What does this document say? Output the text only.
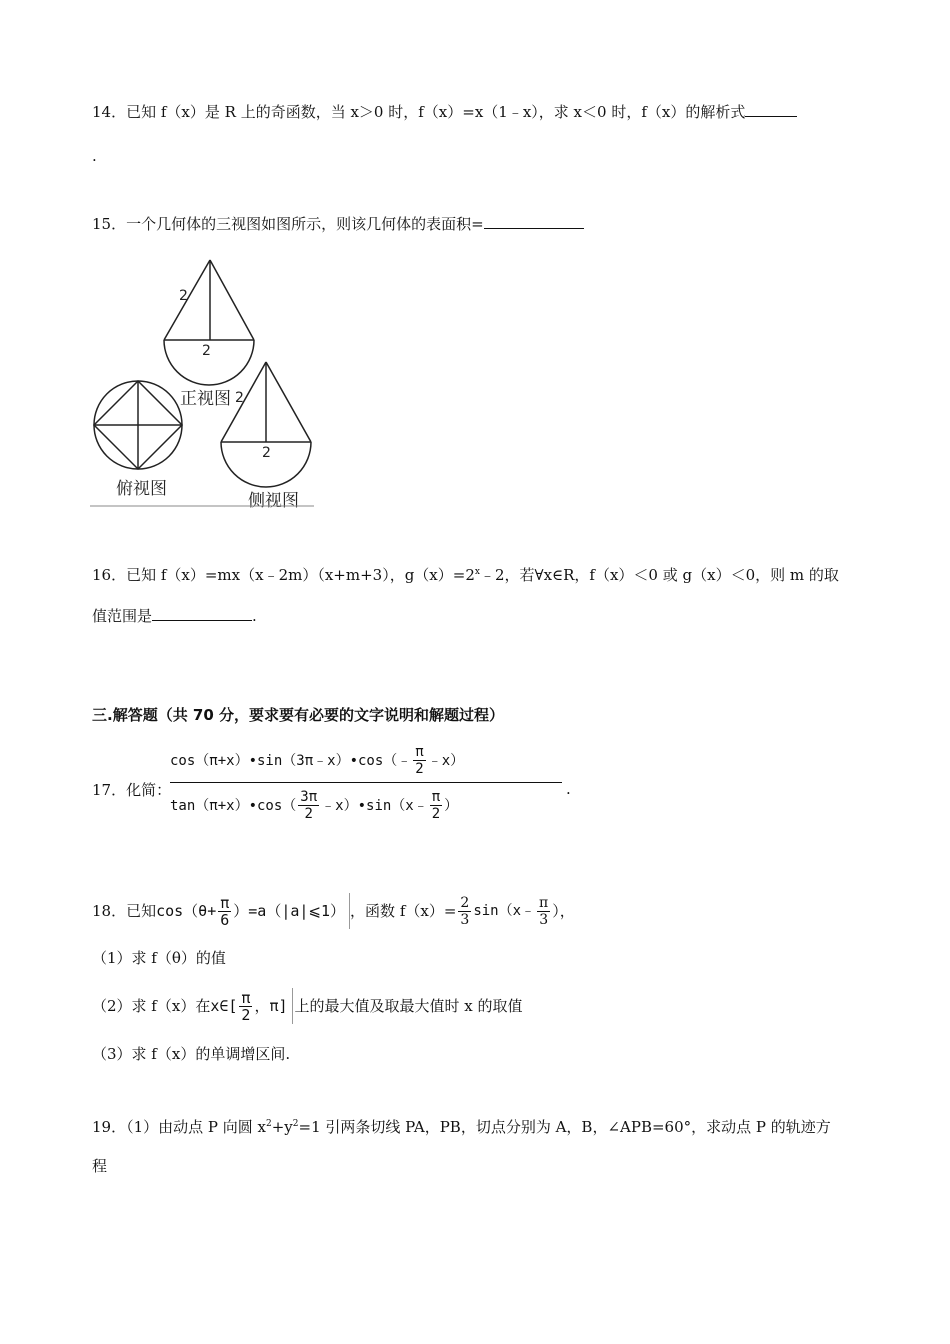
14．已知 f（x）是 R 上的奇函数，当 x＞0 时，f（x）=x（1﹣x），求 x＜0 时，f（x）的解析式
.
15．一个几何体的三视图如图所示，则该几何体的表面积=
2
2
正视图 2
2
侧视图
俯视图
16．已知 f（x）=mx（x﹣2m）（x+m+3），$g(x)=2^x﹣2$，若∀x∈R，f（x）＜0 或 g（x）＜0，则 m 的取
值范围是	.
三.解答题（共 70 分，要求要有必要的文字说明和解题过程）
17．化简：
cos（π+x）•sin（3π﹣x）•cos（﹣ $\frac{\pi}{2}$ ﹣x）
tan（π+x）•cos（ $\frac{3\pi}{2}$ ﹣x）•sin（x﹣ $\frac{\pi}{2}$ ）
.
18．已知 $\cos(\theta+ \frac{\pi}{6}$ ）=a（|a|⩽1） ，函数 $f(x)= \frac{2}{3}$ sin（x﹣ $\frac{\pi}{3}$ ），
（1）求 f（θ）的值
（2）求 f（x）在 x∈[ $\frac{\pi}{2}$ ，π] 上的最大值及取最大值时 x 的取值
（3）求 f（x）的单调增区间.
19．（1）由动点 P 向圆 $x^2+y^2=1$ 引两条切线 PA，PB，切点分别为 A，B，∠APB=60°，求动点 P 的轨迹方
程
